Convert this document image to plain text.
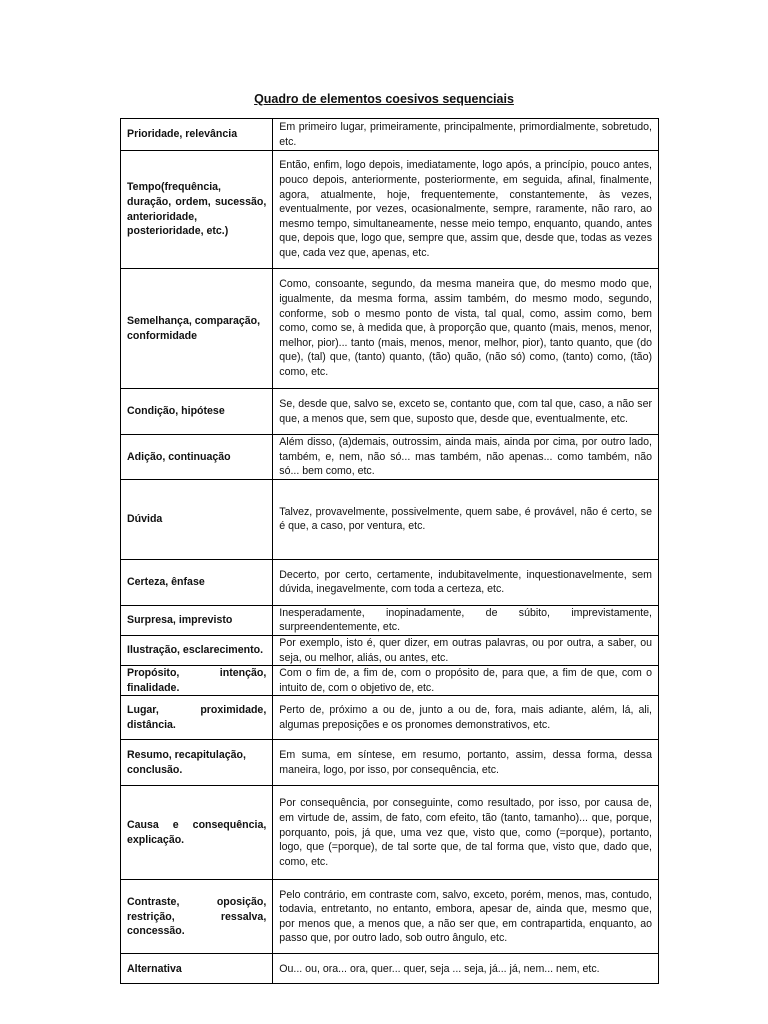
Quadro de elementos coesivos sequenciais
Prioridade, relevância	Em primeiro lugar, primeiramente, principalmente, primordialmente, sobretudo, etc.
Tempo(frequência, duração, ordem, sucessão, anterioridade, posterioridade, etc.)	Então, enfim, logo depois, imediatamente, logo após, a princípio, pouco antes, pouco depois, anteriormente, posteriormente, em seguida, afinal, finalmente, agora, atualmente, hoje, frequentemente, constantemente, às vezes, eventualmente, por vezes, ocasionalmente, sempre, raramente, não raro, ao mesmo tempo, simultaneamente, nesse meio tempo, enquanto, quando, antes que, depois que, logo que, sempre que, assim que, desde que, todas as vezes que, cada vez que, apenas, etc.
Semelhança, comparação, conformidade	Como, consoante, segundo, da mesma maneira que, do mesmo modo que, igualmente, da mesma forma, assim também, do mesmo modo, segundo, conforme, sob o mesmo ponto de vista, tal qual, como, assim como, bem como, como se, à medida que, à proporção que, quanto (mais, menos, menor, melhor, pior)... tanto (mais, menos, menor, melhor, pior), tanto quanto, que (do que), (tal) que, (tanto) quanto, (tão) quão, (não só) como, (tanto) como, (tão) como, etc.
Condição, hipótese	Se, desde que, salvo se, exceto se, contanto que, com tal que, caso, a não ser que, a menos que, sem que, suposto que, desde que, eventualmente, etc.
Adição, continuação	Além disso, (a)demais, outrossim, ainda mais, ainda por cima, por outro lado, também, e, nem, não só... mas também, não apenas... como também, não só... bem como, etc.
Dúvida	Talvez, provavelmente, possivelmente, quem sabe, é provável, não é certo, se é que, a caso, por ventura, etc.
Certeza, ênfase	Decerto, por certo, certamente, indubitavelmente, inquestionavelmente, sem dúvida, inegavelmente, com toda a certeza, etc.
Surpresa, imprevisto	Inesperadamente, inopinadamente, de súbito, imprevistamente, surpreendentemente, etc.
Ilustração, esclarecimento.	Por exemplo, isto é, quer dizer, em outras palavras, ou por outra, a saber, ou seja, ou melhor, aliás, ou antes, etc.
Propósito, intenção, finalidade.	Com o fim de, a fim de, com o propósito de, para que, a fim de que, com o intuito de, com o objetivo de, etc.
Lugar, proximidade, distância.	Perto de, próximo a ou de, junto a ou de, fora, mais adiante, além, lá, ali, algumas preposições e os pronomes demonstrativos, etc.
Resumo, recapitulação, conclusão.	Em suma, em síntese, em resumo, portanto, assim, dessa forma, dessa maneira, logo, por isso, por consequência, etc.
Causa e consequência, explicação.	Por consequência, por conseguinte, como resultado, por isso, por causa de, em virtude de, assim, de fato, com efeito, tão (tanto, tamanho)... que, porque, porquanto, pois, já que, uma vez que, visto que, como (=porque), portanto, logo, que (=porque), de tal sorte que, de tal forma que, visto que, dado que, como, etc.
Contraste, oposição, restrição, ressalva, concessão.	Pelo contrário, em contraste com, salvo, exceto, porém, menos, mas, contudo, todavia, entretanto, no entanto, embora, apesar de, ainda que, mesmo que, por menos que, a menos que, a não ser que, em contrapartida, enquanto, ao passo que, por outro lado, sob outro ângulo, etc.
Alternativa	Ou... ou, ora... ora, quer... quer, seja ... seja, já... já, nem... nem, etc.
